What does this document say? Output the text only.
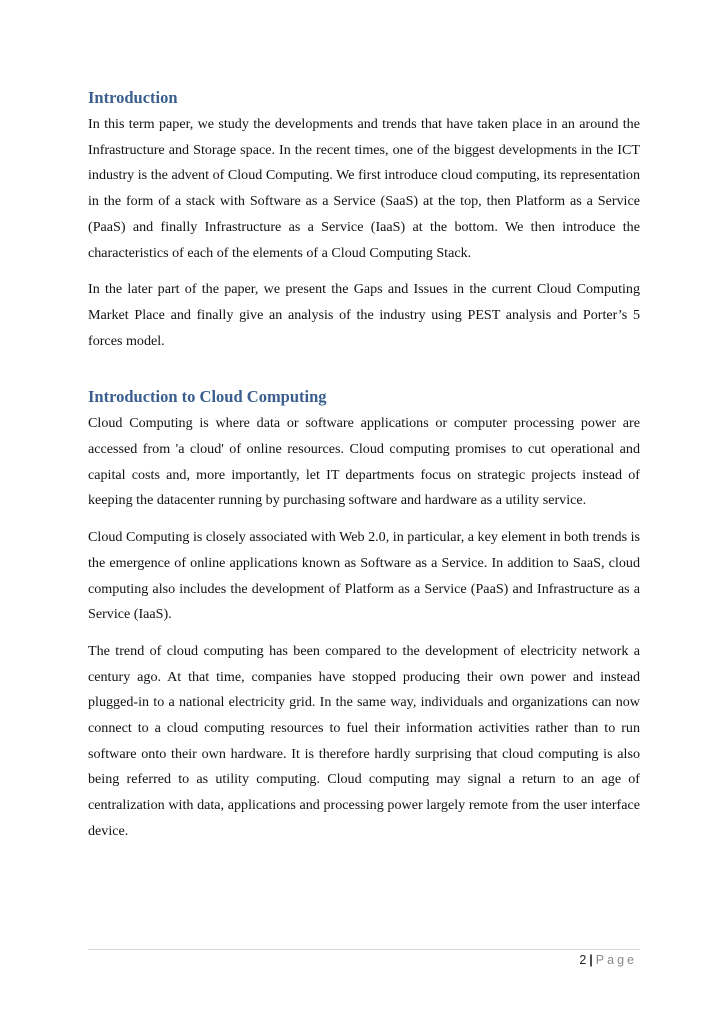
Introduction

In this term paper, we study the developments and trends that have taken place in an around the Infrastructure and Storage space. In the recent times, one of the biggest developments in the ICT industry is the advent of Cloud Computing. We first introduce cloud computing, its representation in the form of a stack with Software as a Service (SaaS) at the top, then Platform as a Service (PaaS) and finally Infrastructure as a Service (IaaS) at the bottom. We then introduce the characteristics of each of the elements of a Cloud Computing Stack.

In the later part of the paper, we present the Gaps and Issues in the current Cloud Computing Market Place and finally give an analysis of the industry using PEST analysis and Porter’s 5 forces model.

Introduction to Cloud Computing

Cloud Computing is where data or software applications or computer processing power are accessed from 'a cloud' of online resources. Cloud computing promises to cut operational and capital costs and, more importantly, let IT departments focus on strategic projects instead of keeping the datacenter running by purchasing software and hardware as a utility service.

Cloud Computing is closely associated with Web 2.0, in particular, a key element in both trends is the emergence of online applications known as Software as a Service. In addition to SaaS, cloud computing also includes the development of Platform as a Service (PaaS) and Infrastructure as a Service (IaaS).

The trend of cloud computing has been compared to the development of electricity network a century ago. At that time, companies have stopped producing their own power and instead plugged-in to a national electricity grid. In the same way, individuals and organizations can now connect to a cloud computing resources to fuel their information activities rather than to run software onto their own hardware. It is therefore hardly surprising that cloud computing is also being referred to as utility computing. Cloud computing may signal a return to an age of centralization with data, applications and processing power largely remote from the user interface device.

2 | Page
